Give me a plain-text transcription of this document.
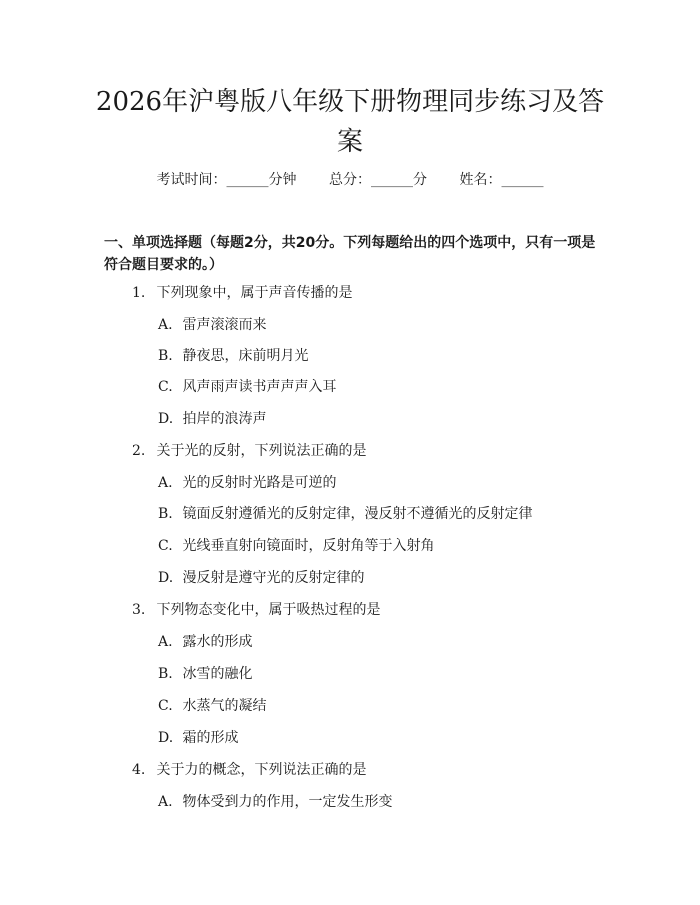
2026年沪粤版八年级下册物理同步练习及答案
考试时间：______分钟 总分：______分 姓名：______
一、单项选择题（每题2分，共20分。下列每题给出的四个选项中，只有一项是符合题目要求的。）
1. 下列现象中，属于声音传播的是
A. 雷声滚滚而来
B. 静夜思，床前明月光
C. 风声雨声读书声声声入耳
D. 拍岸的浪涛声
2. 关于光的反射，下列说法正确的是
A. 光的反射时光路是可逆的
B. 镜面反射遵循光的反射定律，漫反射不遵循光的反射定律
C. 光线垂直射向镜面时，反射角等于入射角
D. 漫反射是遵守光的反射定律的
3. 下列物态变化中，属于吸热过程的是
A. 露水的形成
B. 冰雪的融化
C. 水蒸气的凝结
D. 霜的形成
4. 关于力的概念，下列说法正确的是
A. 物体受到力的作用，一定发生形变
